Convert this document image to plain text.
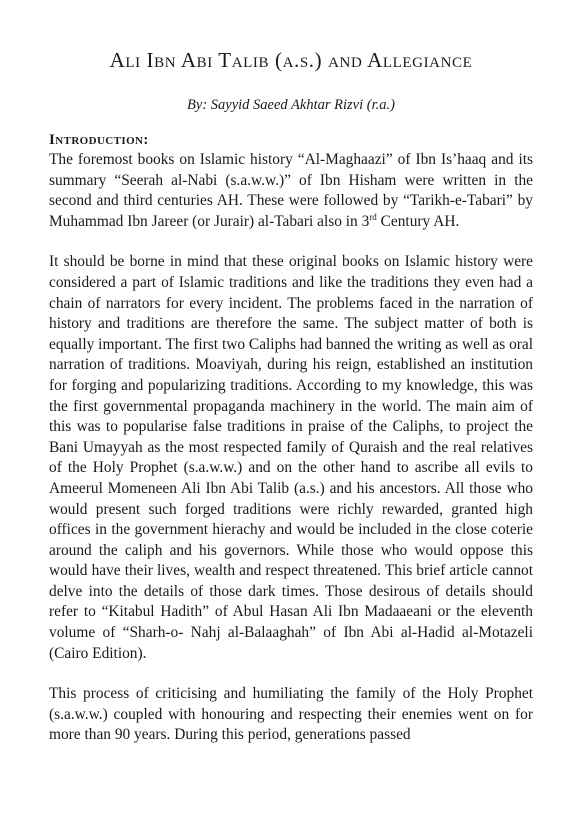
Ali Ibn Abi Talib (a.s.) and Allegiance

By: Sayyid Saeed Akhtar Rizvi (r.a.)

Introduction:

The foremost books on Islamic history “Al-Maghaazi” of Ibn Is’haaq and its summary “Seerah al-Nabi (s.a.w.w.)” of Ibn Hisham were written in the second and third centuries AH. These were followed by “Tarikh-e-Tabari” by Muhammad Ibn Jareer (or Jurair) al-Tabari also in 3rd Century AH.

It should be borne in mind that these original books on Islamic history were considered a part of Islamic traditions and like the traditions they even had a chain of narrators for every incident. The problems faced in the narration of history and traditions are therefore the same. The subject matter of both is equally important. The first two Caliphs had banned the writing as well as oral narration of traditions. Moaviyah, during his reign, established an institution for forging and popularizing traditions. According to my knowledge, this was the first governmental propaganda machinery in the world. The main aim of this was to popularise false traditions in praise of the Caliphs, to project the Bani Umayyah as the most respected family of Quraish and the real relatives of the Holy Prophet (s.a.w.w.) and on the other hand to ascribe all evils to Ameerul Momeneen Ali Ibn Abi Talib (a.s.) and his ancestors. All those who would present such forged traditions were richly rewarded, granted high offices in the government hierachy and would be included in the close coterie around the caliph and his governors. While those who would oppose this would have their lives, wealth and respect threatened. This brief article cannot delve into the details of those dark times. Those desirous of details should refer to “Kitabul Hadith” of Abul Hasan Ali Ibn Madaaeani or the eleventh volume of “Sharh-o- Nahj al-Balaaghah” of Ibn Abi al-Hadid al-Motazeli (Cairo Edition).

This process of criticising and humiliating the family of the Holy Prophet (s.a.w.w.) coupled with honouring and respecting their enemies went on for more than 90 years. During this period, generations passed
